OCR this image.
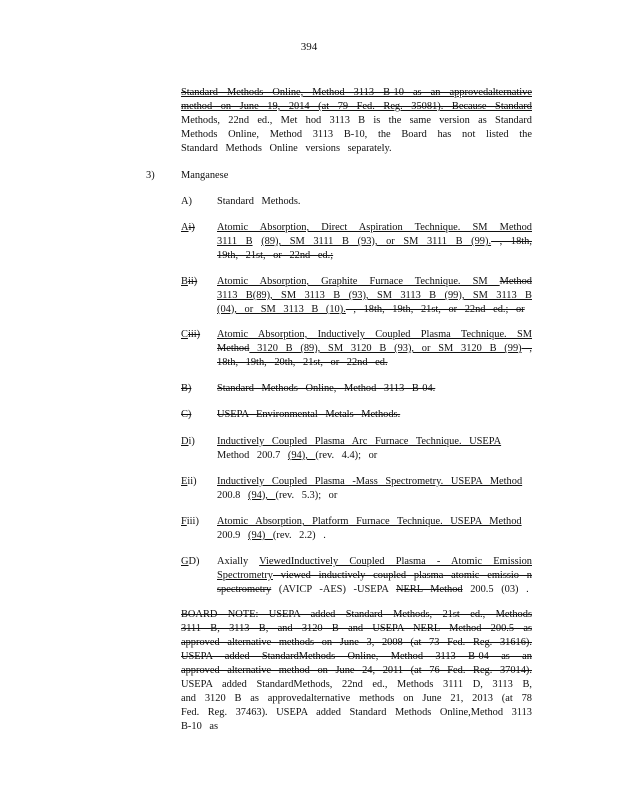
394
Standard Methods Online, Method 3113 B-10 as an approvedalternative method on June 19, 2014 (at 79 Fed. Reg. 35081). Because Standard Methods, 22nd ed., Met hod 3113 B is the same version as Standard Methods Online, Method 3113 B-10, the Board has not listed the Standard Methods Online versions separately.
3)	Manganese
A) Standard Methods.
Ai) Atomic Absorption, Direct Aspiration Technique. SM Method 3111 B (89), SM 3111 B (93), or SM 3111 B (99). , 18th, 19th, 21st, or 22nd ed.;
Bii) Atomic Absorption, Graphite Furnace Technique. SM Method 3113 B(89), SM 3113 B (93), SM 3113 B (99), SM 3113 B (04), or SM 3113 B (10). , 18th, 19th, 21st, or 22nd ed.; or
Ciii) Atomic Absorption, Inductively Coupled Plasma Technique. SM Method 3120 B (89), SM 3120 B (93), or SM 3120 B (99) , 18th, 19th, 20th, 21st, or 22nd ed.
B) Standard Methods Online, Method 3113 B-04.
C) USEPA Environmental Metals Methods.
Di) Inductively Coupled Plasma Arc Furnace Technique. USEPA
Method 200.7 (94), (rev. 4.4); or
Eii) Inductively Coupled Plasma -Mass Spectrometry. USEPA Method
200.8 (94), (rev. 5.3); or
Fiii) Atomic Absorption, Platform Furnace Technique. USEPA Method
200.9 (94) (rev. 2.2) .
GD) Axially ViewedInductively Coupled Plasma - Atomic Emission Spectrometry viewed inductively coupled plasma atomic emissio n spectrometry (AVICP -AES) -USEPA NERL Method 200.5 (03) .
BOARD NOTE: USEPA added Standard Methods, 21st ed., Methods 3111 B, 3113 B, and 3120 B and USEPA NERL Method 200.5 as approved alternative methods on June 3, 2008 (at 73 Fed. Reg. 31616). USEPA added StandardMethods Online, Method 3113 B-04 as an approved alternative method on June 24, 2011 (at 76 Fed. Reg. 37014). USEPA added StandardMethods, 22nd ed., Methods 3111 D, 3113 B, and 3120 B as approvedalternative methods on June 21, 2013 (at 78 Fed. Reg. 37463). USEPA added Standard Methods Online,Method 3113 B-10 as
